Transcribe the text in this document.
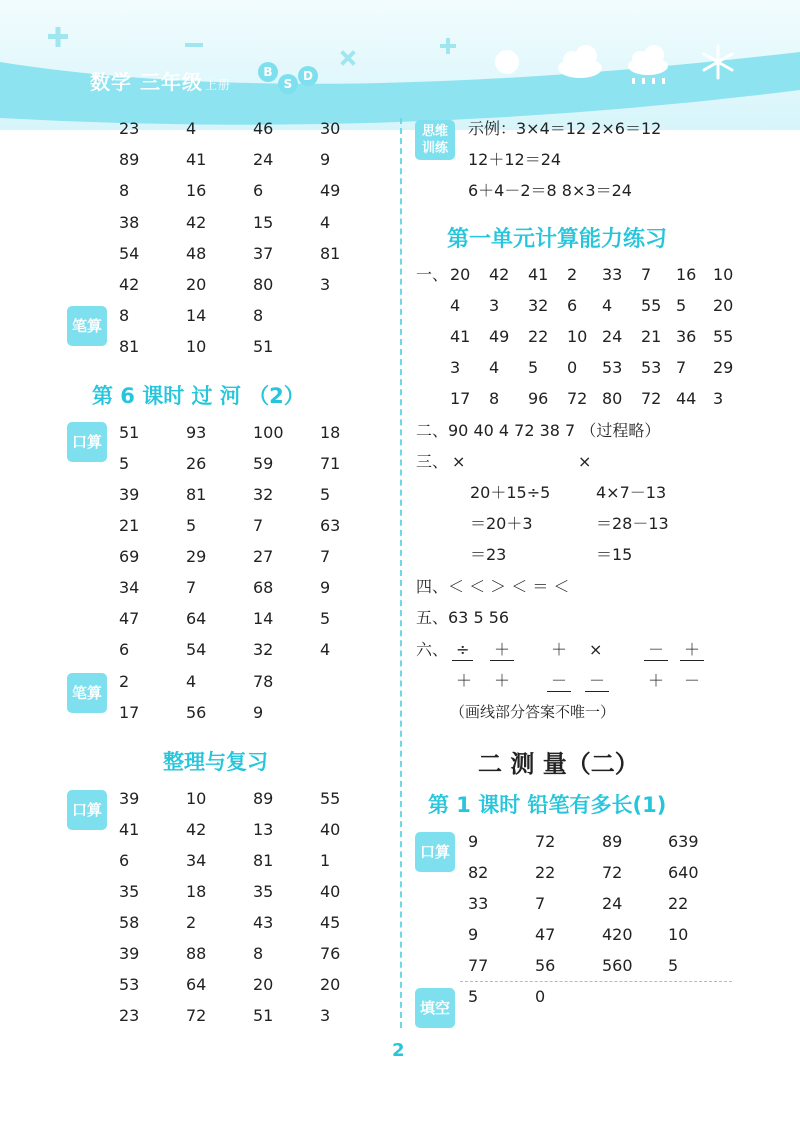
数学 三年级 上册
B
S
D
23	4	46	30
89	41	24	9
8	16	6	49
38	42	15	4
54	48	37	81
42	20	80	3
8	14	8
81	10	51
笔算
第 6 课时 过 河 （2）
口算	51	93	100 18
5	26	59	71
39	81	32	5
21	5	7	63
69	29	27	7
34	7	68	9
47	64	14	5
6	54	32	4
笔算
2	4	78
17	56	9
整理与复习
口算
39	10	89	55
41	42	13	40
6	34	81	1
35	18	35	40
58	2	43	45
39	88	8	76
53	64	20	20
23	72	51	3
思维训练
示例：3×4＝12 2×6＝12
12＋12＝24
6＋4－2＝8 8×3＝24
第一单元计算能力练习
一、 20 42 41 2 33 7 16 10
4 3 32 6 4 55 5 20
41 49 22 10 24 21 36 55
3 4 5 0 53 53 7 29
17 8 96 72 80 72 44 3
二、90 40 4 72 38 7 （过程略）
三、 ×	×
20＋15÷5	4×7－13
＝20＋3	＝28－13
＝23	＝15
四、＜ ＜ ＞ ＜ ＝ ＜
五、63 5 56
六、 ÷ ＋	＋ ×	－ ＋
＋ ＋	－ －	＋ －
（画线部分答案不唯一）
二 测 量（二）
第 1 课时 铅笔有多长(1)
口算
9	72	89	639
82	22	72	640
33	7	24	22
9	47	420 10
77	56	560 5
填空
5	0
2
